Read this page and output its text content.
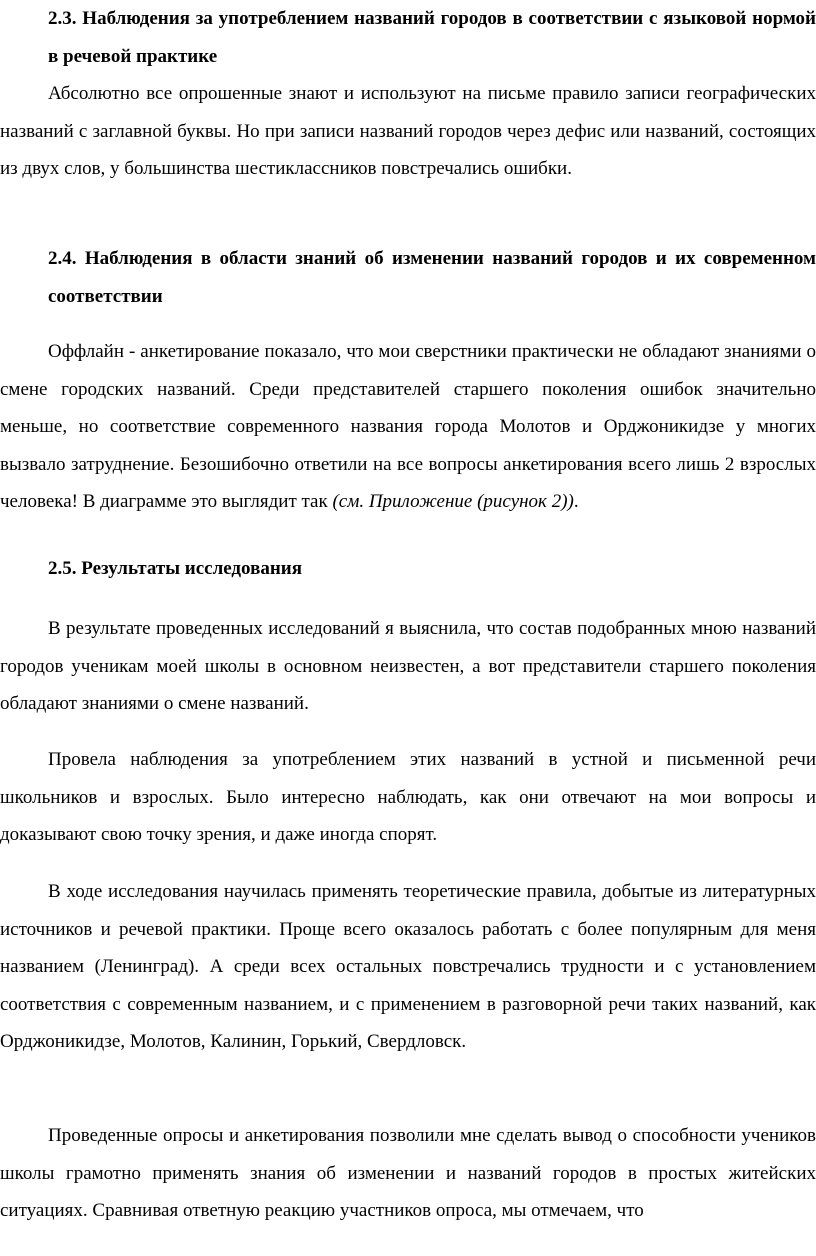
2.3. Наблюдения за употреблением названий городов в соответствии с языковой нормой в речевой практике
Абсолютно все опрошенные знают и используют на письме правило записи географических названий с заглавной буквы. Но при записи названий городов через дефис или названий, состоящих из двух слов, у большинства шестиклассников повстречались ошибки.
2.4. Наблюдения в области знаний об изменении названий городов и их современном соответствии
Оффлайн - анкетирование показало, что мои сверстники практически не обладают знаниями о смене городских названий. Среди представителей старшего поколения ошибок значительно меньше, но соответствие современного названия города Молотов и Орджоникидзе у многих вызвало затруднение. Безошибочно ответили на все вопросы анкетирования всего лишь 2 взрослых человека! В диаграмме это выглядит так (см. Приложение (рисунок 2)).
2.5. Результаты исследования
В результате проведенных исследований я выяснила, что состав подобранных мною названий городов ученикам моей школы в основном неизвестен, а вот представители старшего поколения обладают знаниями о смене названий.
Провела наблюдения за употреблением этих названий в устной и письменной речи школьников и взрослых. Было интересно наблюдать, как они отвечают на мои вопросы и доказывают свою точку зрения, и даже иногда спорят.
В ходе исследования научилась применять теоретические правила, добытые из литературных источников и речевой практики. Проще всего оказалось работать с более популярным для меня названием (Ленинград). А среди всех остальных повстречались трудности и с установлением соответствия с современным названием, и с применением в разговорной речи таких названий, как Орджоникидзе, Молотов, Калинин, Горький, Свердловск.
Проведенные опросы и анкетирования позволили мне сделать вывод о способности учеников школы грамотно применять знания об изменении и названий городов в простых житейских ситуациях. Сравнивая ответную реакцию участников опроса, мы отмечаем, что
